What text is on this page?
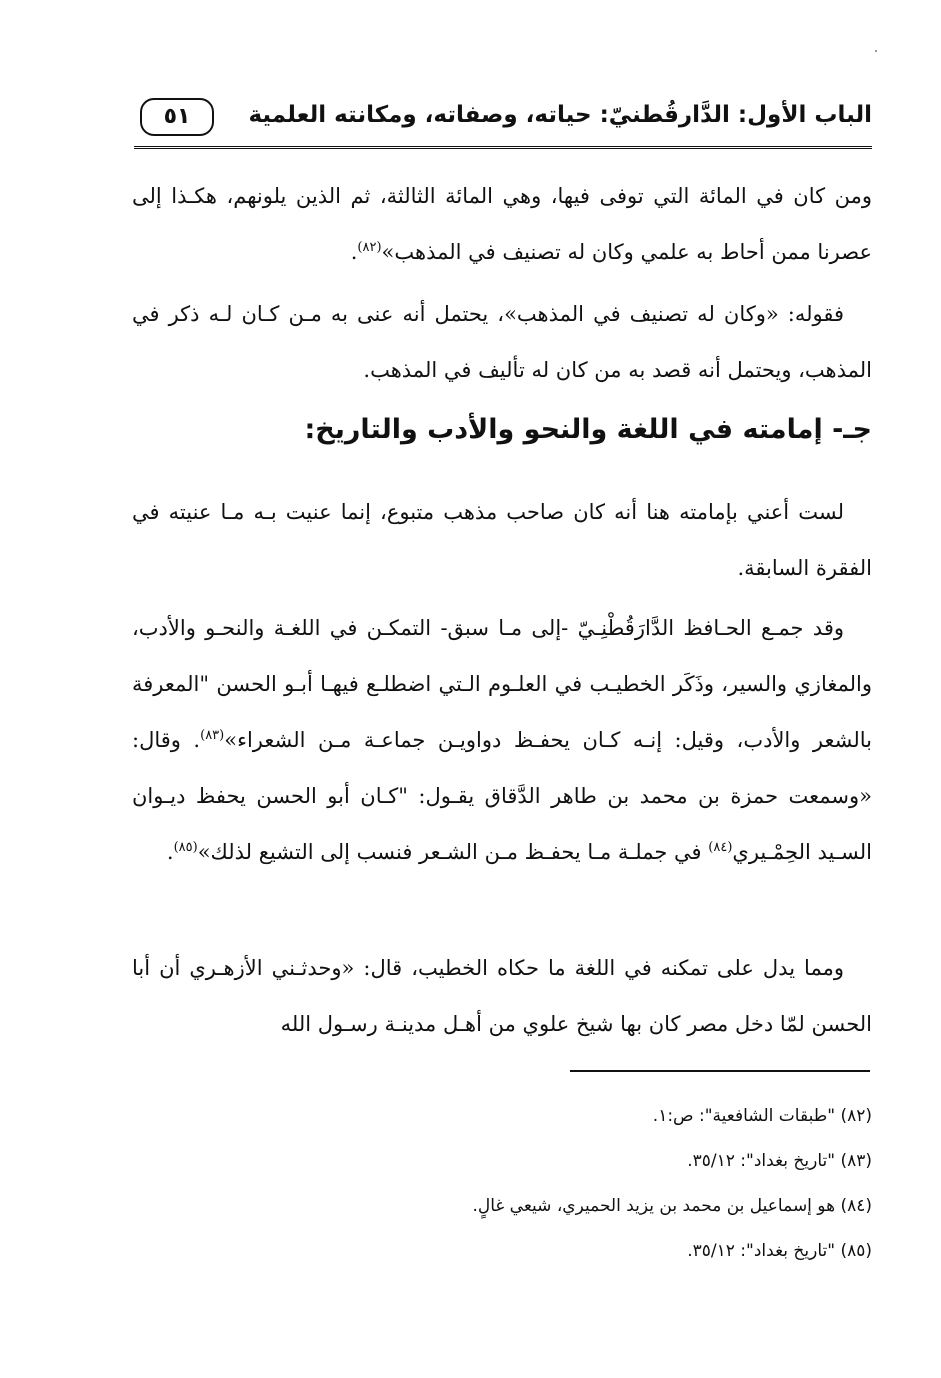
الباب الأول: الدَّارقُطنيّ: حياته، وصفاته، ومكانته العلمية
٥١

ومن كان في المائة التي توفى فيها، وهي المائة الثالثة، ثم الذين يلونهم، هكـذا إلى عصرنا ممن أحاط به علمي وكان له تصنيف في المذهب»$^{(٨٢)}$.

فقوله: «وكان له تصنيف في المذهب»، يحتمل أنه عنى به مـن كـان لـه ذكر في المذهب، ويحتمل أنه قصد به من كان له تأليف في المذهب.

جـ- إمامته في اللغة والنحو والأدب والتاريخ:

لست أعني بإمامته هنا أنه كان صاحب مذهب متبوع، إنما عنيت بـه مـا عنيته في الفقرة السابقة.

وقد جمـع الحـافظ الدَّارَقُطْنِـيّ -إلى مـا سبق- التمكـن في اللغـة والنحـو والأدب، والمغازي والسير، وذَكَر الخطيـب في العلـوم الـتي اضطلـع فيهـا أبـو الحسن "المعرفة بالشعر والأدب، وقيل: إنـه كـان يحفـظ دواويـن جماعـة مـن الشعراء»$^{(٨٣)}$. وقال: «وسمعت حمزة بن محمد بن طاهر الدَّقاق يقـول: "كـان أبو الحسن يحفظ ديـوان السـيد الحِمْـيري$^{(٨٤)}$ في جملـة مـا يحفـظ مـن الشـعر فنسب إلى التشيع لذلك»$^{(٨٥)}$.

ومما يدل على تمكنه في اللغة ما حكاه الخطيب، قال: «وحدثـني الأزهـري أن أبا الحسن لمّا دخل مصر كان بها شيخ علوي من أهـل مدينـة رسـول الله

(٨٢) "طبقات الشافعية": ص:١.
(٨٣) "تاريخ بغداد": ٣٥/١٢.
(٨٤) هو إسماعيل بن محمد بن يزيد الحميري، شيعي غالٍ.
(٨٥) "تاريخ بغداد": ٣٥/١٢.
